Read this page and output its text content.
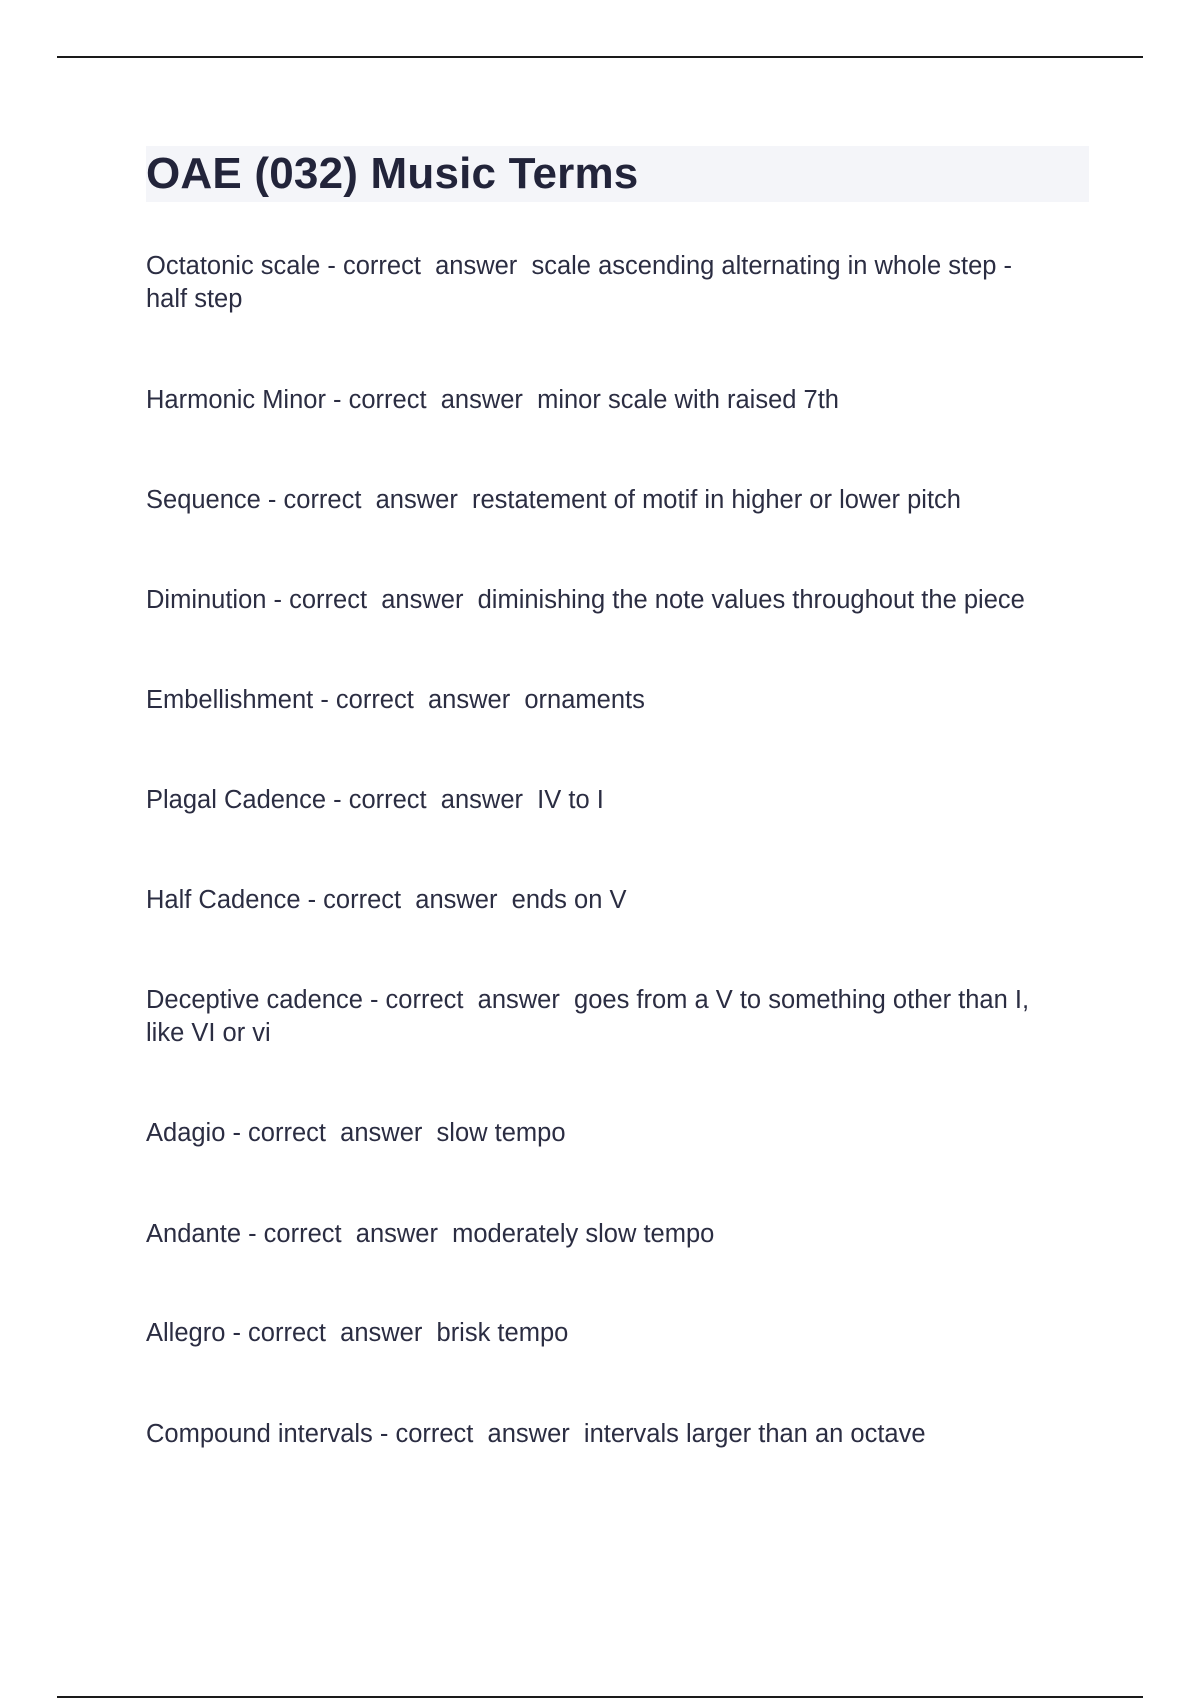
OAE (032) Music Terms

Octatonic scale - correct  answer  scale ascending alternating in whole step -
half step

Harmonic Minor - correct  answer  minor scale with raised 7th

Sequence - correct  answer  restatement of motif in higher or lower pitch

Diminution - correct  answer  diminishing the note values throughout the piece

Embellishment - correct  answer  ornaments

Plagal Cadence - correct  answer  IV to I

Half Cadence - correct  answer  ends on V

Deceptive cadence - correct  answer  goes from a V to something other than I,
like VI or vi

Adagio - correct  answer  slow tempo

Andante - correct  answer  moderately slow tempo

Allegro - correct  answer  brisk tempo

Compound intervals - correct  answer  intervals larger than an octave
